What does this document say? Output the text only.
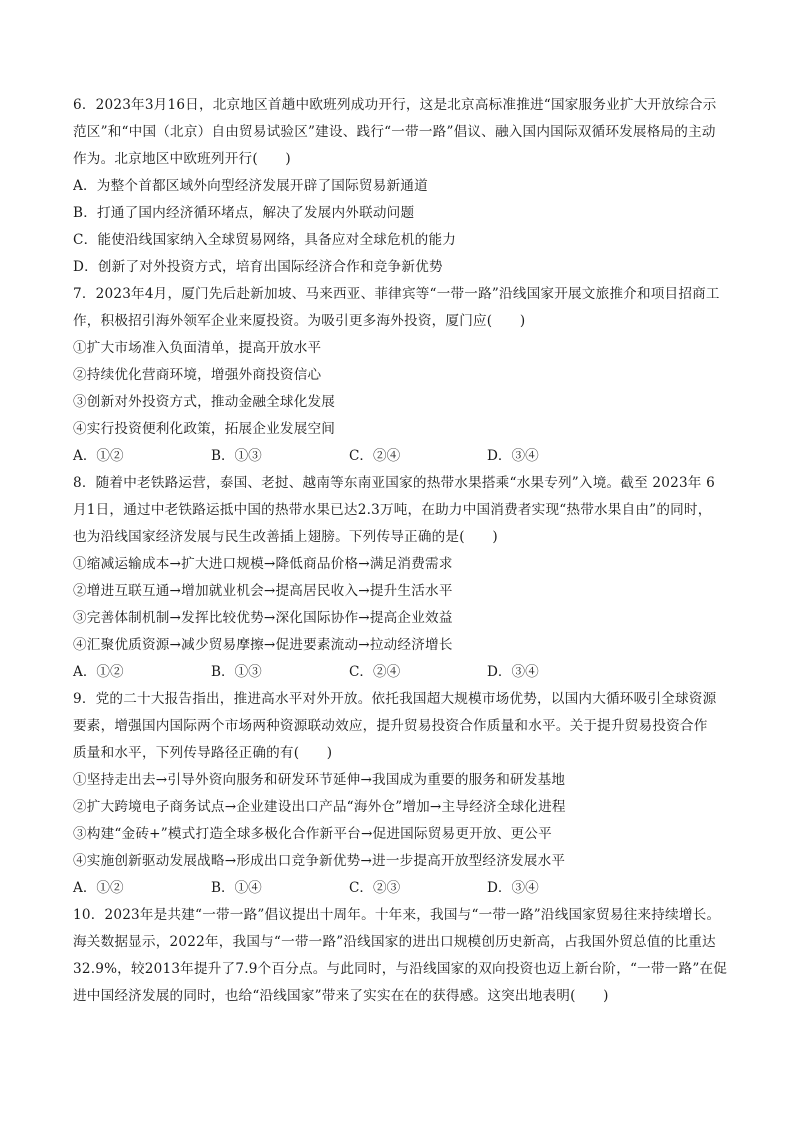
6．2023年3月16日，北京地区首趟中欧班列成功开行，这是北京高标准推进“国家服务业扩大开放综合示
范区”和“中国（北京）自由贸易试验区”建设、践行“一带一路”倡议、融入国内国际双循环发展格局的主动
作为。北京地区中欧班列开行(　　)
A．为整个首都区域外向型经济发展开辟了国际贸易新通道
B．打通了国内经济循环堵点，解决了发展内外联动问题
C．能使沿线国家纳入全球贸易网络，具备应对全球危机的能力
D．创新了对外投资方式，培育出国际经济合作和竞争新优势
7．2023年4月，厦门先后赴新加坡、马来西亚、菲律宾等“一带一路”沿线国家开展文旅推介和项目招商工
作，积极招引海外领军企业来厦投资。为吸引更多海外投资，厦门应(　　)
①扩大市场准入负面清单，提高开放水平
②持续优化营商环境，增强外商投资信心
③创新对外投资方式，推动金融全球化发展
④实行投资便利化政策，拓展企业发展空间
A．①②	B．①③	C．②④	D．③④
8．随着中老铁路运营，泰国、老挝、越南等东南亚国家的热带水果搭乘“水果专列”入境。截至 2023年 6
月1日，通过中老铁路运抵中国的热带水果已达2.3万吨，在助力中国消费者实现“热带水果自由”的同时，
也为沿线国家经济发展与民生改善插上翅膀。下列传导正确的是(　　)
①缩减运输成本→扩大进口规模→降低商品价格→满足消费需求
②增进互联互通→增加就业机会→提高居民收入→提升生活水平
③完善体制机制→发挥比较优势→深化国际协作→提高企业效益
④汇聚优质资源→减少贸易摩擦→促进要素流动→拉动经济增长
A．①②	B．①③	C．②④	D．③④
9．党的二十大报告指出，推进高水平对外开放。依托我国超大规模市场优势，以国内大循环吸引全球资源
要素，增强国内国际两个市场两种资源联动效应，提升贸易投资合作质量和水平。关于提升贸易投资合作
质量和水平，下列传导路径正确的有(　　)
①坚持走出去→引导外资向服务和研发环节延伸→我国成为重要的服务和研发基地
②扩大跨境电子商务试点→企业建设出口产品“海外仓”增加→主导经济全球化进程
③构建“金砖+”模式打造全球多极化合作新平台→促进国际贸易更开放、更公平
④实施创新驱动发展战略→形成出口竞争新优势→进一步提高开放型经济发展水平
A．①②	B．①④	C．②③	D．③④
10．2023年是共建“一带一路”倡议提出十周年。十年来，我国与“一带一路”沿线国家贸易往来持续增长。
海关数据显示，2022年，我国与“一带一路”沿线国家的进出口规模创历史新高，占我国外贸总值的比重达
32.9%，较2013年提升了7.9个百分点。与此同时，与沿线国家的双向投资也迈上新台阶，“一带一路”在促
进中国经济发展的同时，也给“沿线国家”带来了实实在在的获得感。这突出地表明(　　)
